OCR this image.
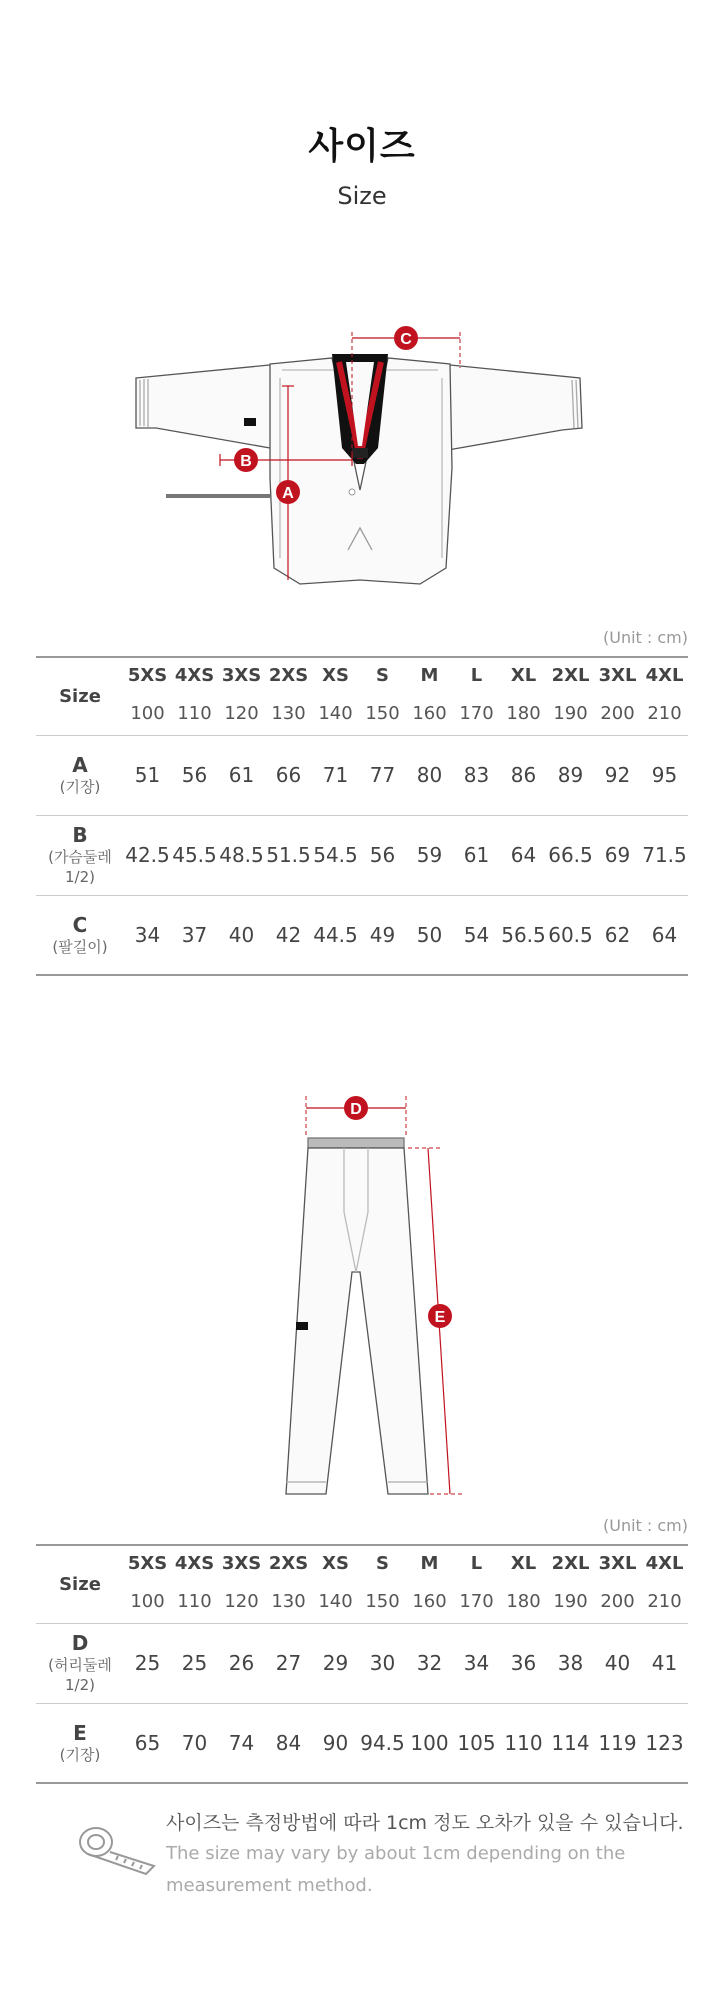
사이즈
Size
A
B
C
(Unit : cm)
Size	5XS	4XS	3XS	2XS	XS	S	M	L	XL	2XL	3XL	4XL
	100	110	120	130	140	150	160	170	180	190	200	210

A
(기장)	51	56	61	66	71	77	80	83	86	89	92	95

B
(가슴둘레 1/2)	42.5	45.5	48.5	51.5	54.5	56	59	61	64	66.5	69	71.5

C
(팔길이)	34	37	40	42	44.5	49	50	54	56.5	60.5	62	64
D
E
(Unit : cm)
Size	5XS	4XS	3XS	2XS	XS	S	M	L	XL	2XL	3XL	4XL
	100	110	120	130	140	150	160	170	180	190	200	210

D
(허리둘레 1/2)	25	25	26	27	29	30	32	34	36	38	40	41

E
(기장)	65	70	74	84	90	94.5	100	105	110	114	119	123
사이즈는 측정방법에 따라 1cm 정도 오차가 있을 수 있습니다.
The size may vary by about 1cm depending on the
measurement method.
